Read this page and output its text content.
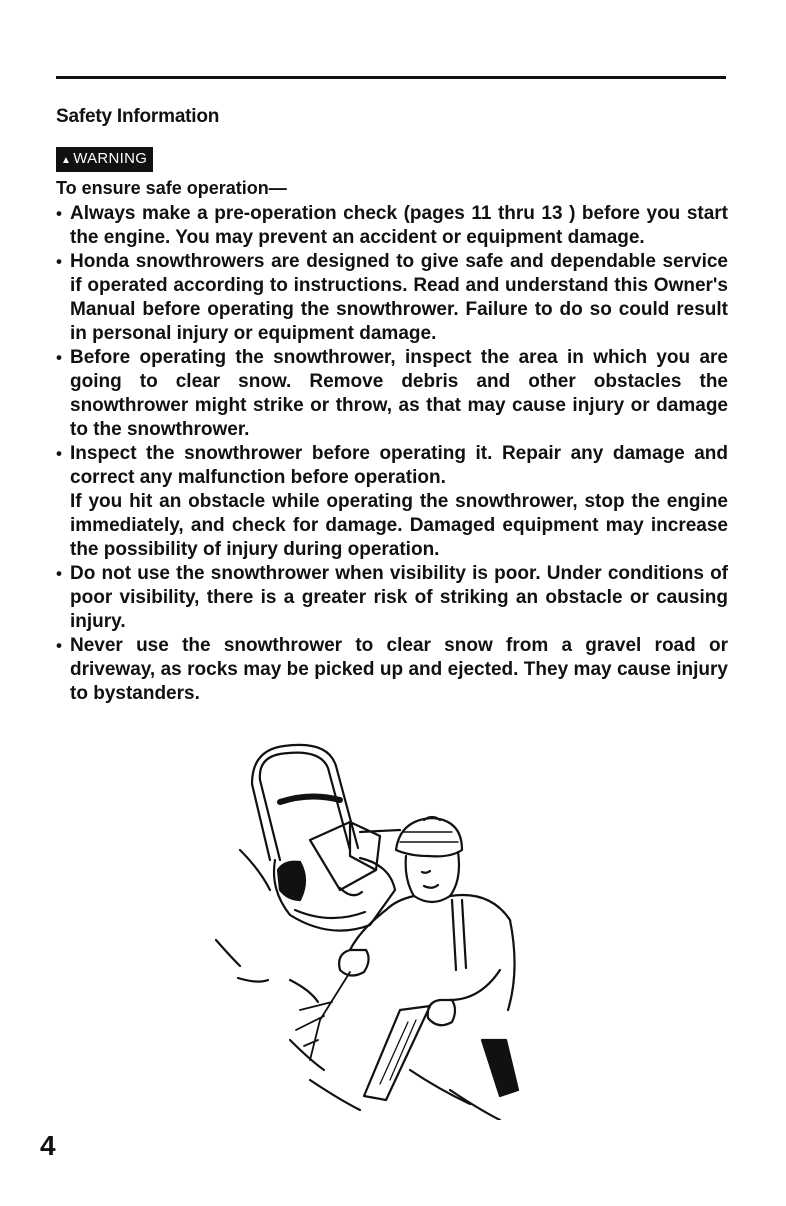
Safety Information
▲ WARNING
To ensure safe operation—
• Always make a pre-operation check (pages 11 thru 13 ) before you start the engine. You may prevent an accident or equipment damage.

• Honda snowthrowers are designed to give safe and dependable service if operated according to instructions. Read and understand this Owner's Manual before operating the snowthrower. Failure to do so could result in personal injury or equipment damage.

• Before operating the snowthrower, inspect the area in which you are going to clear snow. Remove debris and other obstacles the snowthrower might strike or throw, as that may cause injury or damage to the snowthrower.

• Inspect the snowthrower before operating it. Repair any damage and correct any malfunction before operation.

If you hit an obstacle while operating the snowthrower, stop the engine immediately, and check for damage. Damaged equipment may increase the possibility of injury during operation.

• Do not use the snowthrower when visibility is poor. Under conditions of poor visibility, there is a greater risk of striking an obstacle or causing injury.

• Never use the snowthrower to clear snow from a gravel road or driveway, as rocks may be picked up and ejected. They may cause injury to bystanders.

4
